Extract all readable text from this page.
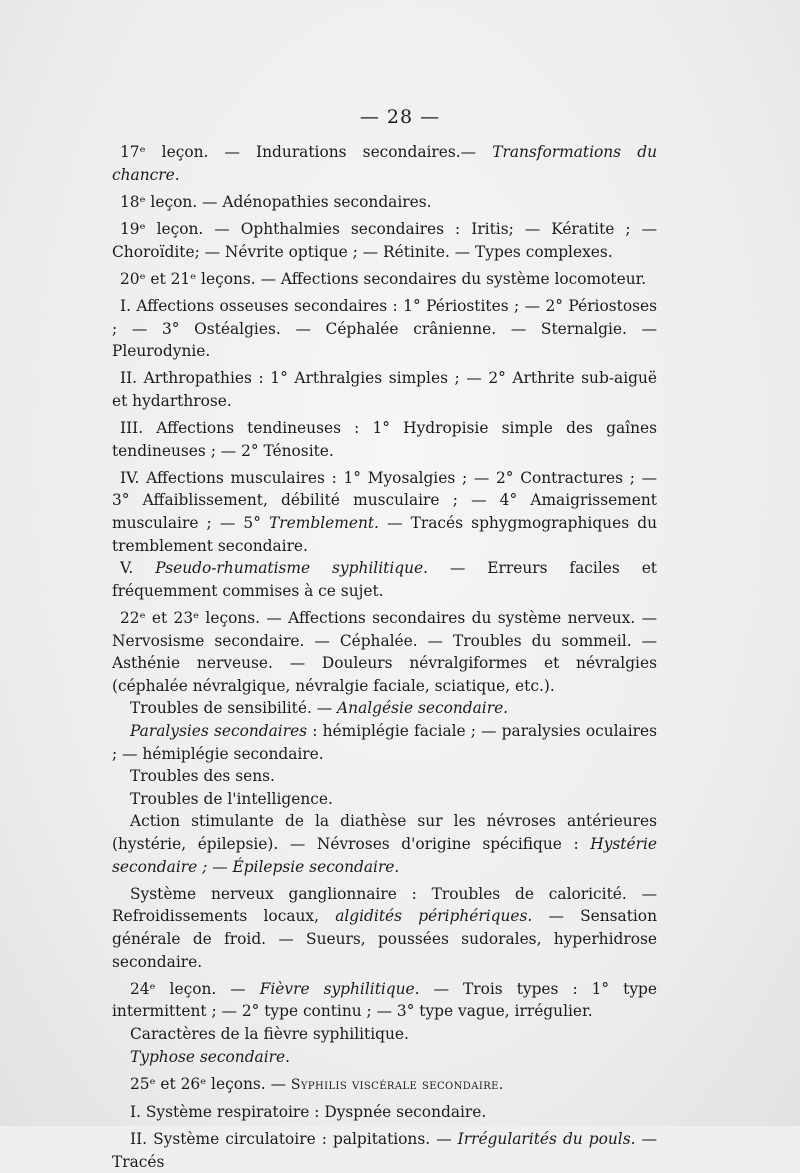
— 28 —

17ᵉ leçon. — Indurations secondaires.— Transformations du chancre.

18ᵉ leçon. — Adénopathies secondaires.

19ᵉ leçon. — Ophthalmies secondaires : Iritis; — Kératite ; — Choroïdite; — Névrite optique ; — Rétinite. — Types complexes.

20ᵉ et 21ᵉ leçons. — Affections secondaires du système locomoteur.

I. Affections osseuses secondaires : 1° Périostites ; — 2° Périostoses ; — 3° Ostéalgies. — Céphalée crânienne. — Sternalgie. — Pleurodynie.

II. Arthropathies : 1° Arthralgies simples ; — 2° Arthrite sub-aiguë et hydarthrose.

III. Affections tendineuses : 1° Hydropisie simple des gaînes tendineuses ; — 2° Ténosite.

IV. Affections musculaires : 1° Myosalgies ; — 2° Contractures ; — 3° Affaiblissement, débilité musculaire ; — 4° Amaigrissement musculaire ; — 5° Tremblement. — Tracés sphygmographiques du tremblement secondaire.

V. Pseudo-rhumatisme syphilitique. — Erreurs faciles et fréquemment commises à ce sujet.

22ᵉ et 23ᵉ leçons. — Affections secondaires du système nerveux. — Nervosisme secondaire. — Céphalée. — Troubles du sommeil. — Asthénie nerveuse. — Douleurs névralgiformes et névralgies (céphalée névralgique, névralgie faciale, sciatique, etc.).

Troubles de sensibilité. — Analgésie secondaire.

Paralysies secondaires : hémiplégie faciale ; — paralysies oculaires ; — hémiplégie secondaire.

Troubles des sens.

Troubles de l'intelligence.

Action stimulante de la diathèse sur les névroses antérieures (hystérie, épilepsie). — Névroses d'origine spécifique : Hystérie secondaire ; — Épilepsie secondaire.

Système nerveux ganglionnaire : Troubles de caloricité. — Refroidissements locaux, algidités périphériques. — Sensation générale de froid. — Sueurs, poussées sudorales, hyperhidrose secondaire.

24ᵉ leçon. — Fièvre syphilitique. — Trois types : 1° type intermittent ; — 2° type continu ; — 3° type vague, irrégulier.

Caractères de la fièvre syphilitique.

Typhose secondaire.

25ᵉ et 26ᵉ leçons. — Syphilis viscérale secondaire.

I. Système respiratoire : Dyspnée secondaire.

II. Système circulatoire : palpitations. — Irrégularités du pouls. — Tracés
